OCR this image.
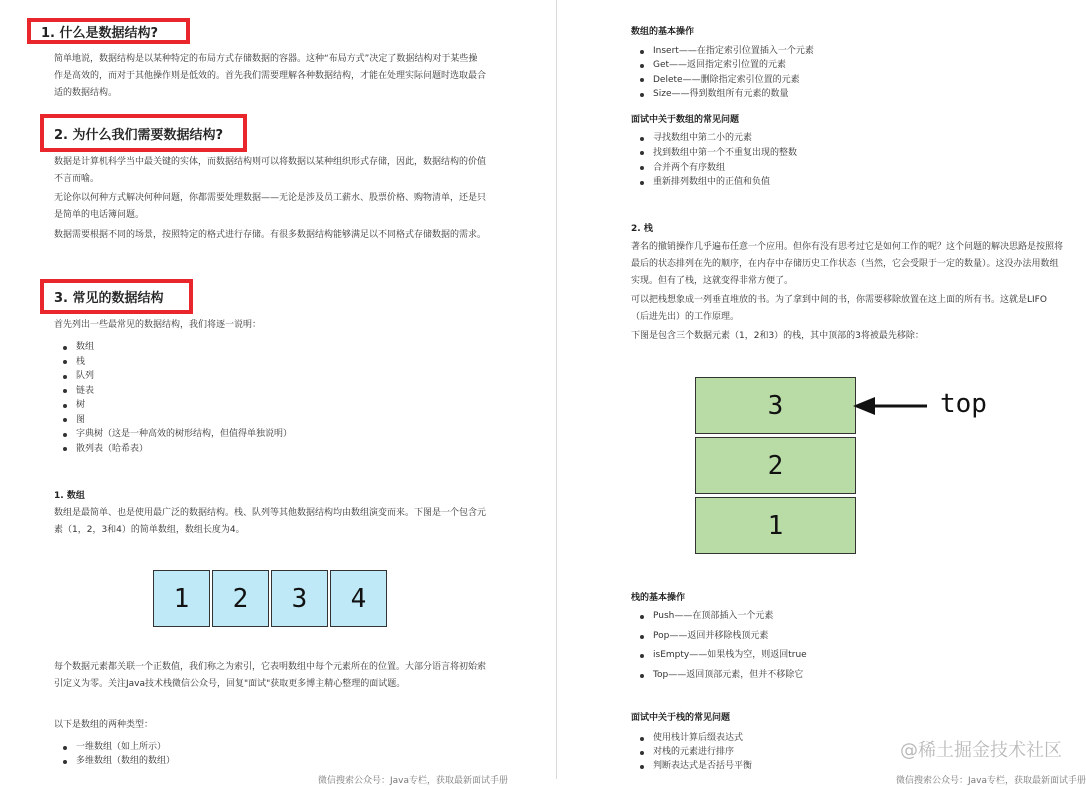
1. 什么是数据结构?
简单地说，数据结构是以某种特定的布局方式存储数据的容器。这种“布局方式”决定了数据结构对于某些操作是高效的，而对于其他操作则是低效的。首先我们需要理解各种数据结构，才能在处理实际问题时选取最合适的数据结构。
2. 为什么我们需要数据结构?
数据是计算机科学当中最关键的实体，而数据结构则可以将数据以某种组织形式存储，因此，数据结构的价值不言而喻。
无论你以何种方式解决何种问题，你都需要处理数据——无论是涉及员工薪水、股票价格、购物清单，还是只是简单的电话簿问题。
数据需要根据不同的场景，按照特定的格式进行存储。有很多数据结构能够满足以不同格式存储数据的需求。
3. 常见的数据结构
首先列出一些最常见的数据结构，我们将逐一说明：
数组
栈
队列
链表
树
图
字典树（这是一种高效的树形结构，但值得单独说明）
散列表（哈希表）
1. 数组
数组是最简单、也是使用最广泛的数据结构。栈、队列等其他数据结构均由数组演变而来。下图是一个包含元素（1，2，3和4）的简单数组，数组长度为4。
1	2	3	4
每个数据元素都关联一个正数值，我们称之为索引，它表明数组中每个元素所在的位置。大部分语言将初始索引定义为零。关注Java技术栈微信公众号，回复"面试"获取更多博主精心整理的面试题。
以下是数组的两种类型：
一维数组（如上所示）
多维数组（数组的数组）
微信搜索公众号：Java专栏，获取最新面试手册
数组的基本操作
Insert——在指定索引位置插入一个元素
Get——返回指定索引位置的元素
Delete——删除指定索引位置的元素
Size——得到数组所有元素的数量
面试中关于数组的常见问题
寻找数组中第二小的元素
找到数组中第一个不重复出现的整数
合并两个有序数组
重新排列数组中的正值和负值
2. 栈
著名的撤销操作几乎遍布任意一个应用。但你有没有思考过它是如何工作的呢？这个问题的解决思路是按照将最后的状态排列在先的顺序，在内存中存储历史工作状态（当然，它会受限于一定的数量）。这没办法用数组实现。但有了栈，这就变得非常方便了。
可以把栈想象成一列垂直堆放的书。为了拿到中间的书，你需要移除放置在这上面的所有书。这就是LIFO（后进先出）的工作原理。
下图是包含三个数据元素（1，2和3）的栈，其中顶部的3将被最先移除：
3
2
1
top
栈的基本操作
Push——在顶部插入一个元素
Pop——返回并移除栈顶元素
isEmpty——如果栈为空，则返回true
Top——返回顶部元素，但并不移除它
面试中关于栈的常见问题
使用栈计算后缀表达式
对栈的元素进行排序
判断表达式是否括号平衡
微信搜索公众号：Java专栏，获取最新面试手册
@稀土掘金技术社区
